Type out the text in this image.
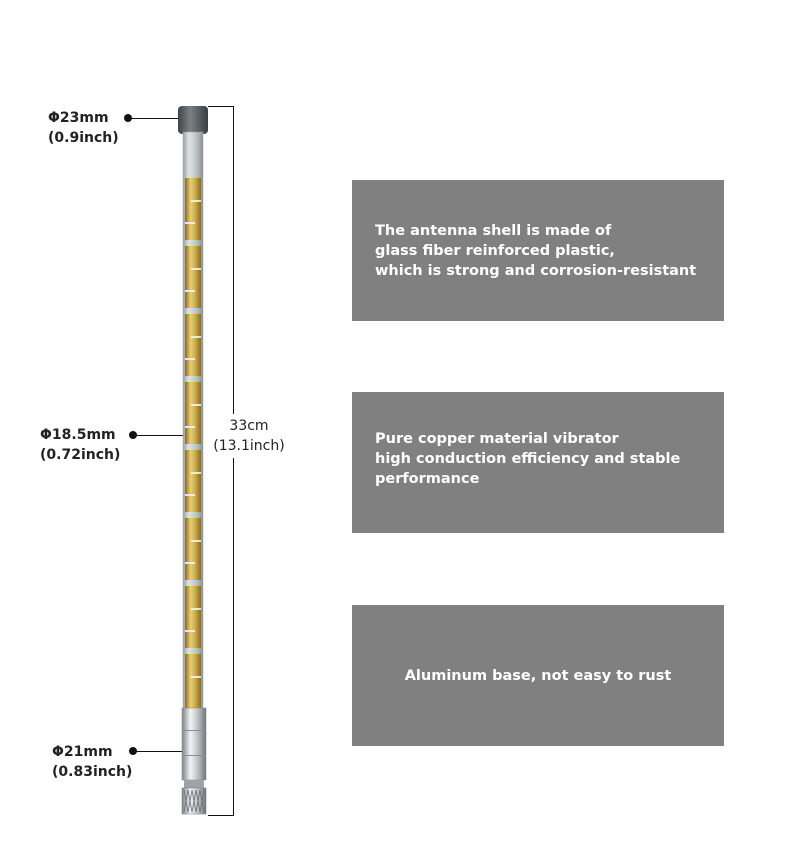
Φ23mm
(0.9inch)
Φ18.5mm
(0.72inch)
Φ21mm
(0.83inch)
33cm
(13.1inch)
The antenna shell is made of
glass fiber reinforced plastic,
which is strong and corrosion-resistant
Pure copper material vibrator
high conduction efficiency and stable
performance
Aluminum base, not easy to rust
